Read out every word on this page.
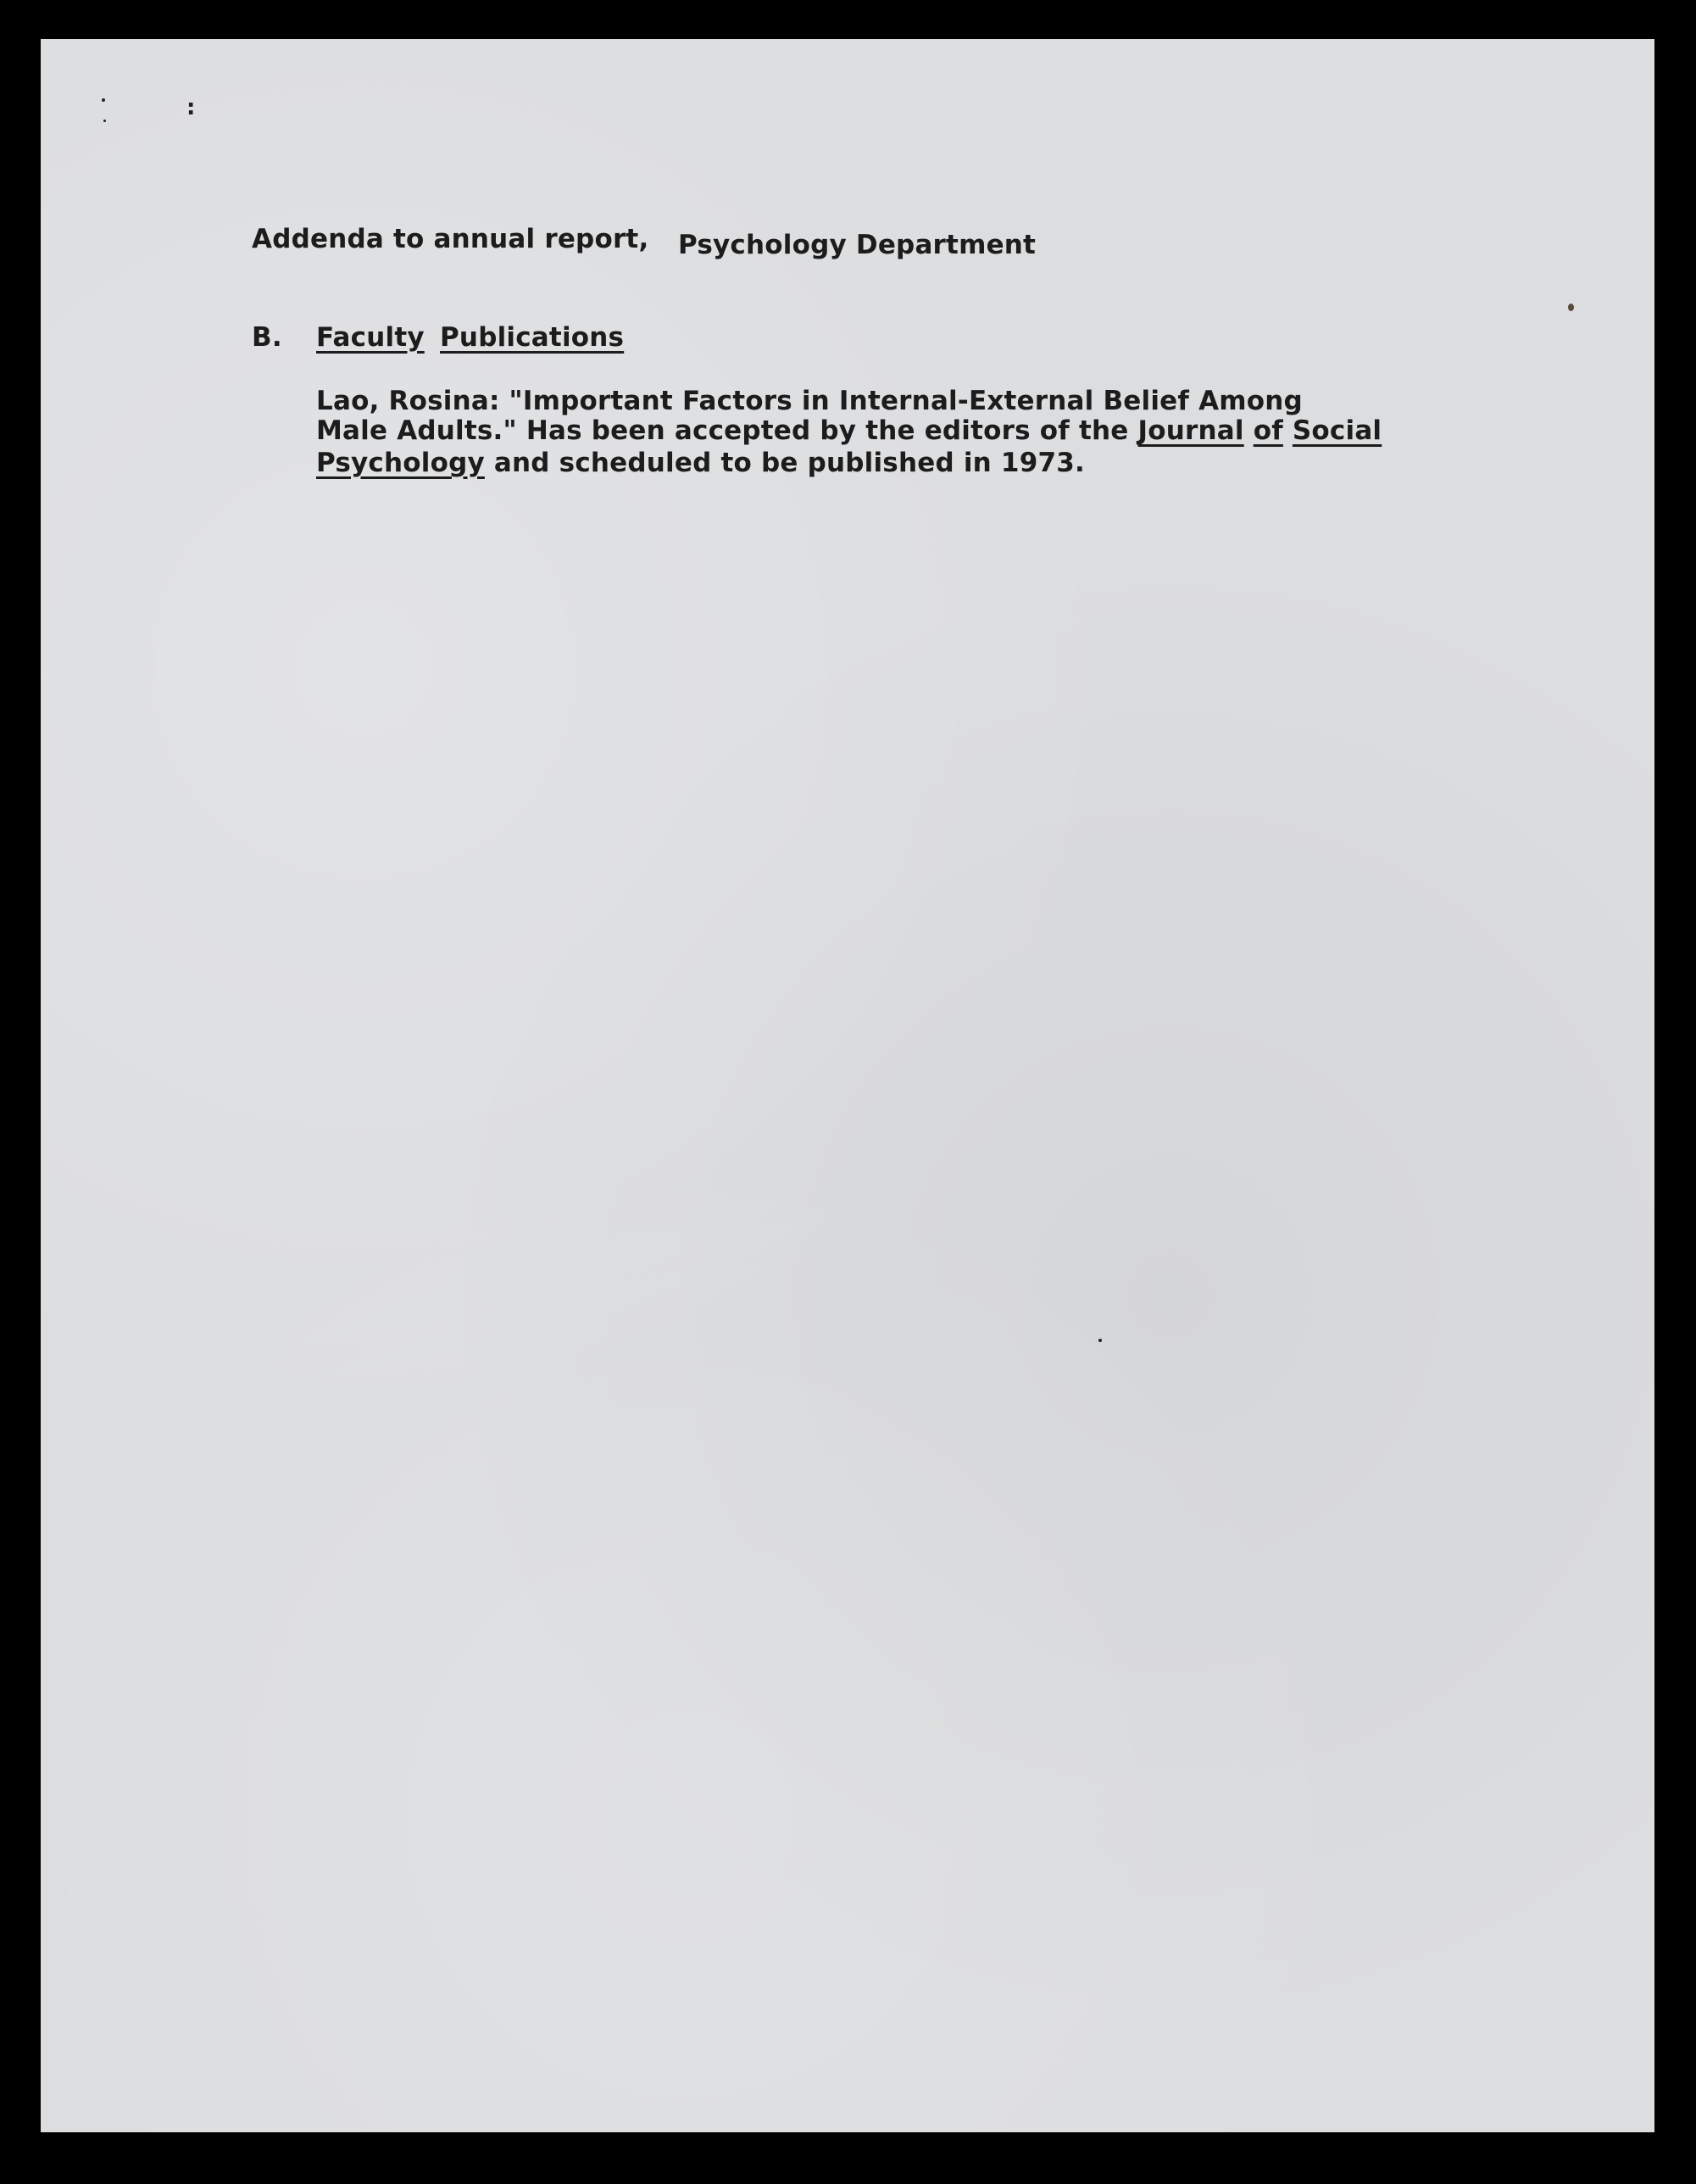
:
Addenda to annual report, Psychology Department
B. Faculty Publications
Lao, Rosina: "Important Factors in Internal-External Belief Among
Male Adults." Has been accepted by the editors of the Journal of Social
Psychology and scheduled to be published in 1973.
